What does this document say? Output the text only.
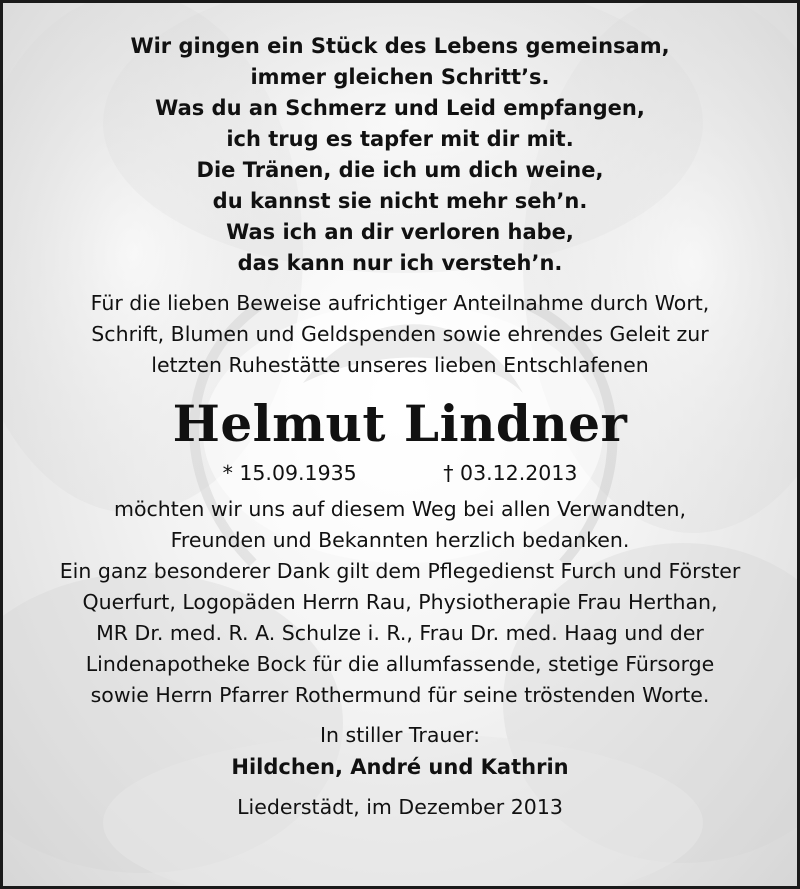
Wir gingen ein Stück des Lebens gemeinsam,
immer gleichen Schritt’s.
Was du an Schmerz und Leid empfangen,
ich trug es tapfer mit dir mit.
Die Tränen, die ich um dich weine,
du kannst sie nicht mehr seh’n.
Was ich an dir verloren habe,
das kann nur ich versteh’n.
Für die lieben Beweise aufrichtiger Anteilnahme durch Wort,
Schrift, Blumen und Geldspenden sowie ehrendes Geleit zur
letzten Ruhestätte unseres lieben Entschlafenen
Helmut Lindner
* 15.09.1935	† 03.12.2013
möchten wir uns auf diesem Weg bei allen Verwandten,
Freunden und Bekannten herzlich bedanken.
Ein ganz besonderer Dank gilt dem Pflegedienst Furch und Förster
Querfurt, Logopäden Herrn Rau, Physiotherapie Frau Herthan,
MR Dr. med. R. A. Schulze i. R., Frau Dr. med. Haag und der
Lindenapotheke Bock für die allumfassende, stetige Fürsorge
sowie Herrn Pfarrer Rothermund für seine tröstenden Worte.
In stiller Trauer:
Hildchen, André und Kathrin
Liederstädt, im Dezember 2013
